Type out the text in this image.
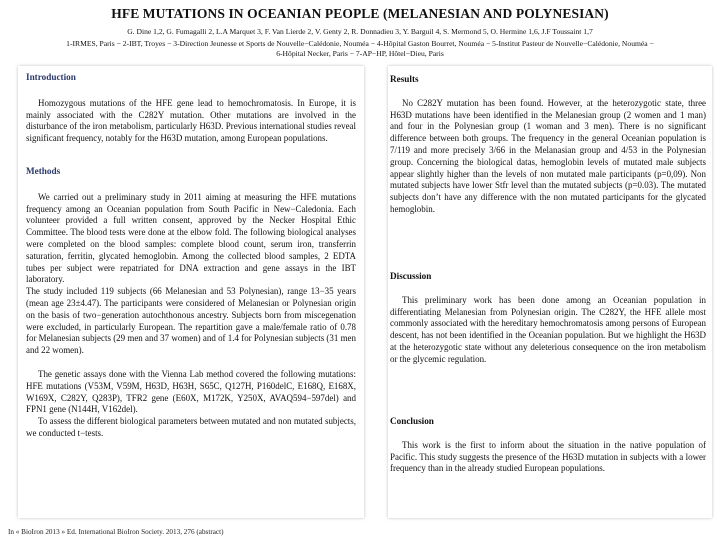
HFE MUTATIONS IN OCEANIAN PEOPLE (MELANESIAN AND POLYNESIAN)
G. Dine 1,2, G. Fumagalli 2, L.A Marquet 3, F. Van Lierde 2, V. Genty 2, R. Donnadieu 3, Y. Barguil 4, S. Mermond 5, O. Hermine 1,6, J.F Toussaint 1,7
1-IRMES, Paris − 2-IBT, Troyes − 3-Direction Jeunesse et Sports de Nouvelle−Calédonie, Nouméa − 4-Hôpital Gaston Bourret, Nouméa − 5-Institut Pasteur de Nouvelle−Calédonie, Nouméa −
6-Hôpital Necker, Paris − 7-AP−HP, Hôtel−Dieu, Paris
Introduction

Homozygous mutations of the HFE gene lead to hemochromatosis. In Europe, it is mainly associated with the C282Y mutation. Other mutations are involved in the disturbance of the iron metabolism, particularly H63D. Previous international studies reveal significant frequency, notably for the H63D mutation, among European populations.

Methods

We carried out a preliminary study in 2011 aiming at measuring the HFE mutations frequency among an Oceanian population from South Pacific in New−Caledonia. Each volunteer provided a full written consent, approved by the Necker Hospital Ethic Committee. The blood tests were done at the elbow fold. The following biological analyses were completed on the blood samples: complete blood count, serum iron, transferrin saturation, ferritin, glycated hemoglobin. Among the collected blood samples, 2 EDTA tubes per subject were repatriated for DNA extraction and gene assays in the IBT laboratory.

The study included 119 subjects (66 Melanesian and 53 Polynesian), range 13−35 years (mean age 23±4.47). The participants were considered of Melanesian or Polynesian origin on the basis of two−generation autochthonous ancestry. Subjects born from miscegenation were excluded, in particularly European. The repartition gave a male/female ratio of 0.78 for Melanesian subjects (29 men and 37 women) and of 1.4 for Polynesian subjects (31 men and 22 women).

The genetic assays done with the Vienna Lab method covered the following mutations: HFE mutations (V53M, V59M, H63D, H63H, S65C, Q127H, P160delC, E168Q, E168X, W169X, C282Y, Q283P), TFR2 gene (E60X, M172K, Y250X, AVAQ594−597del) and FPN1 gene (N144H, V162del).

To assess the different biological parameters between mutated and non mutated subjects, we conducted t−tests.

Results

No C282Y mutation has been found. However, at the heterozygotic state, three H63D mutations have been identified in the Melanesian group (2 women and 1 man) and four in the Polynesian group (1 woman and 3 men). There is no significant difference between both groups. The frequency in the general Oceanian population is 7/119 and more precisely 3/66 in the Melanasian group and 4/53 in the Polynesian group. Concerning the biological datas, hemoglobin levels of mutated male subjects appear slightly higher than the levels of non mutated male participants (p=0,09). Non mutated subjects have lower Stfr level than the mutated subjects (p=0.03). The mutated subjects don’t have any difference with the non mutated participants for the glycated hemoglobin.

Discussion

This preliminary work has been done among an Oceanian population in differentiating Melanesian from Polynesian origin. The C282Y, the HFE allele most commonly associated with the hereditary hemochromatosis among persons of European descent, has not been identified in the Oceanian population. But we highlight the H63D at the heterozygotic state without any deleterious consequence on the iron metabolism or the glycemic regulation.

Conclusion

This work is the first to inform about the situation in the native population of Pacific. This study suggests the presence of the H63D mutation in subjects with a lower frequency than in the already studied European populations.

In « BioIron 2013 » Ed. International BioIron Society. 2013, 276 (abstract)
